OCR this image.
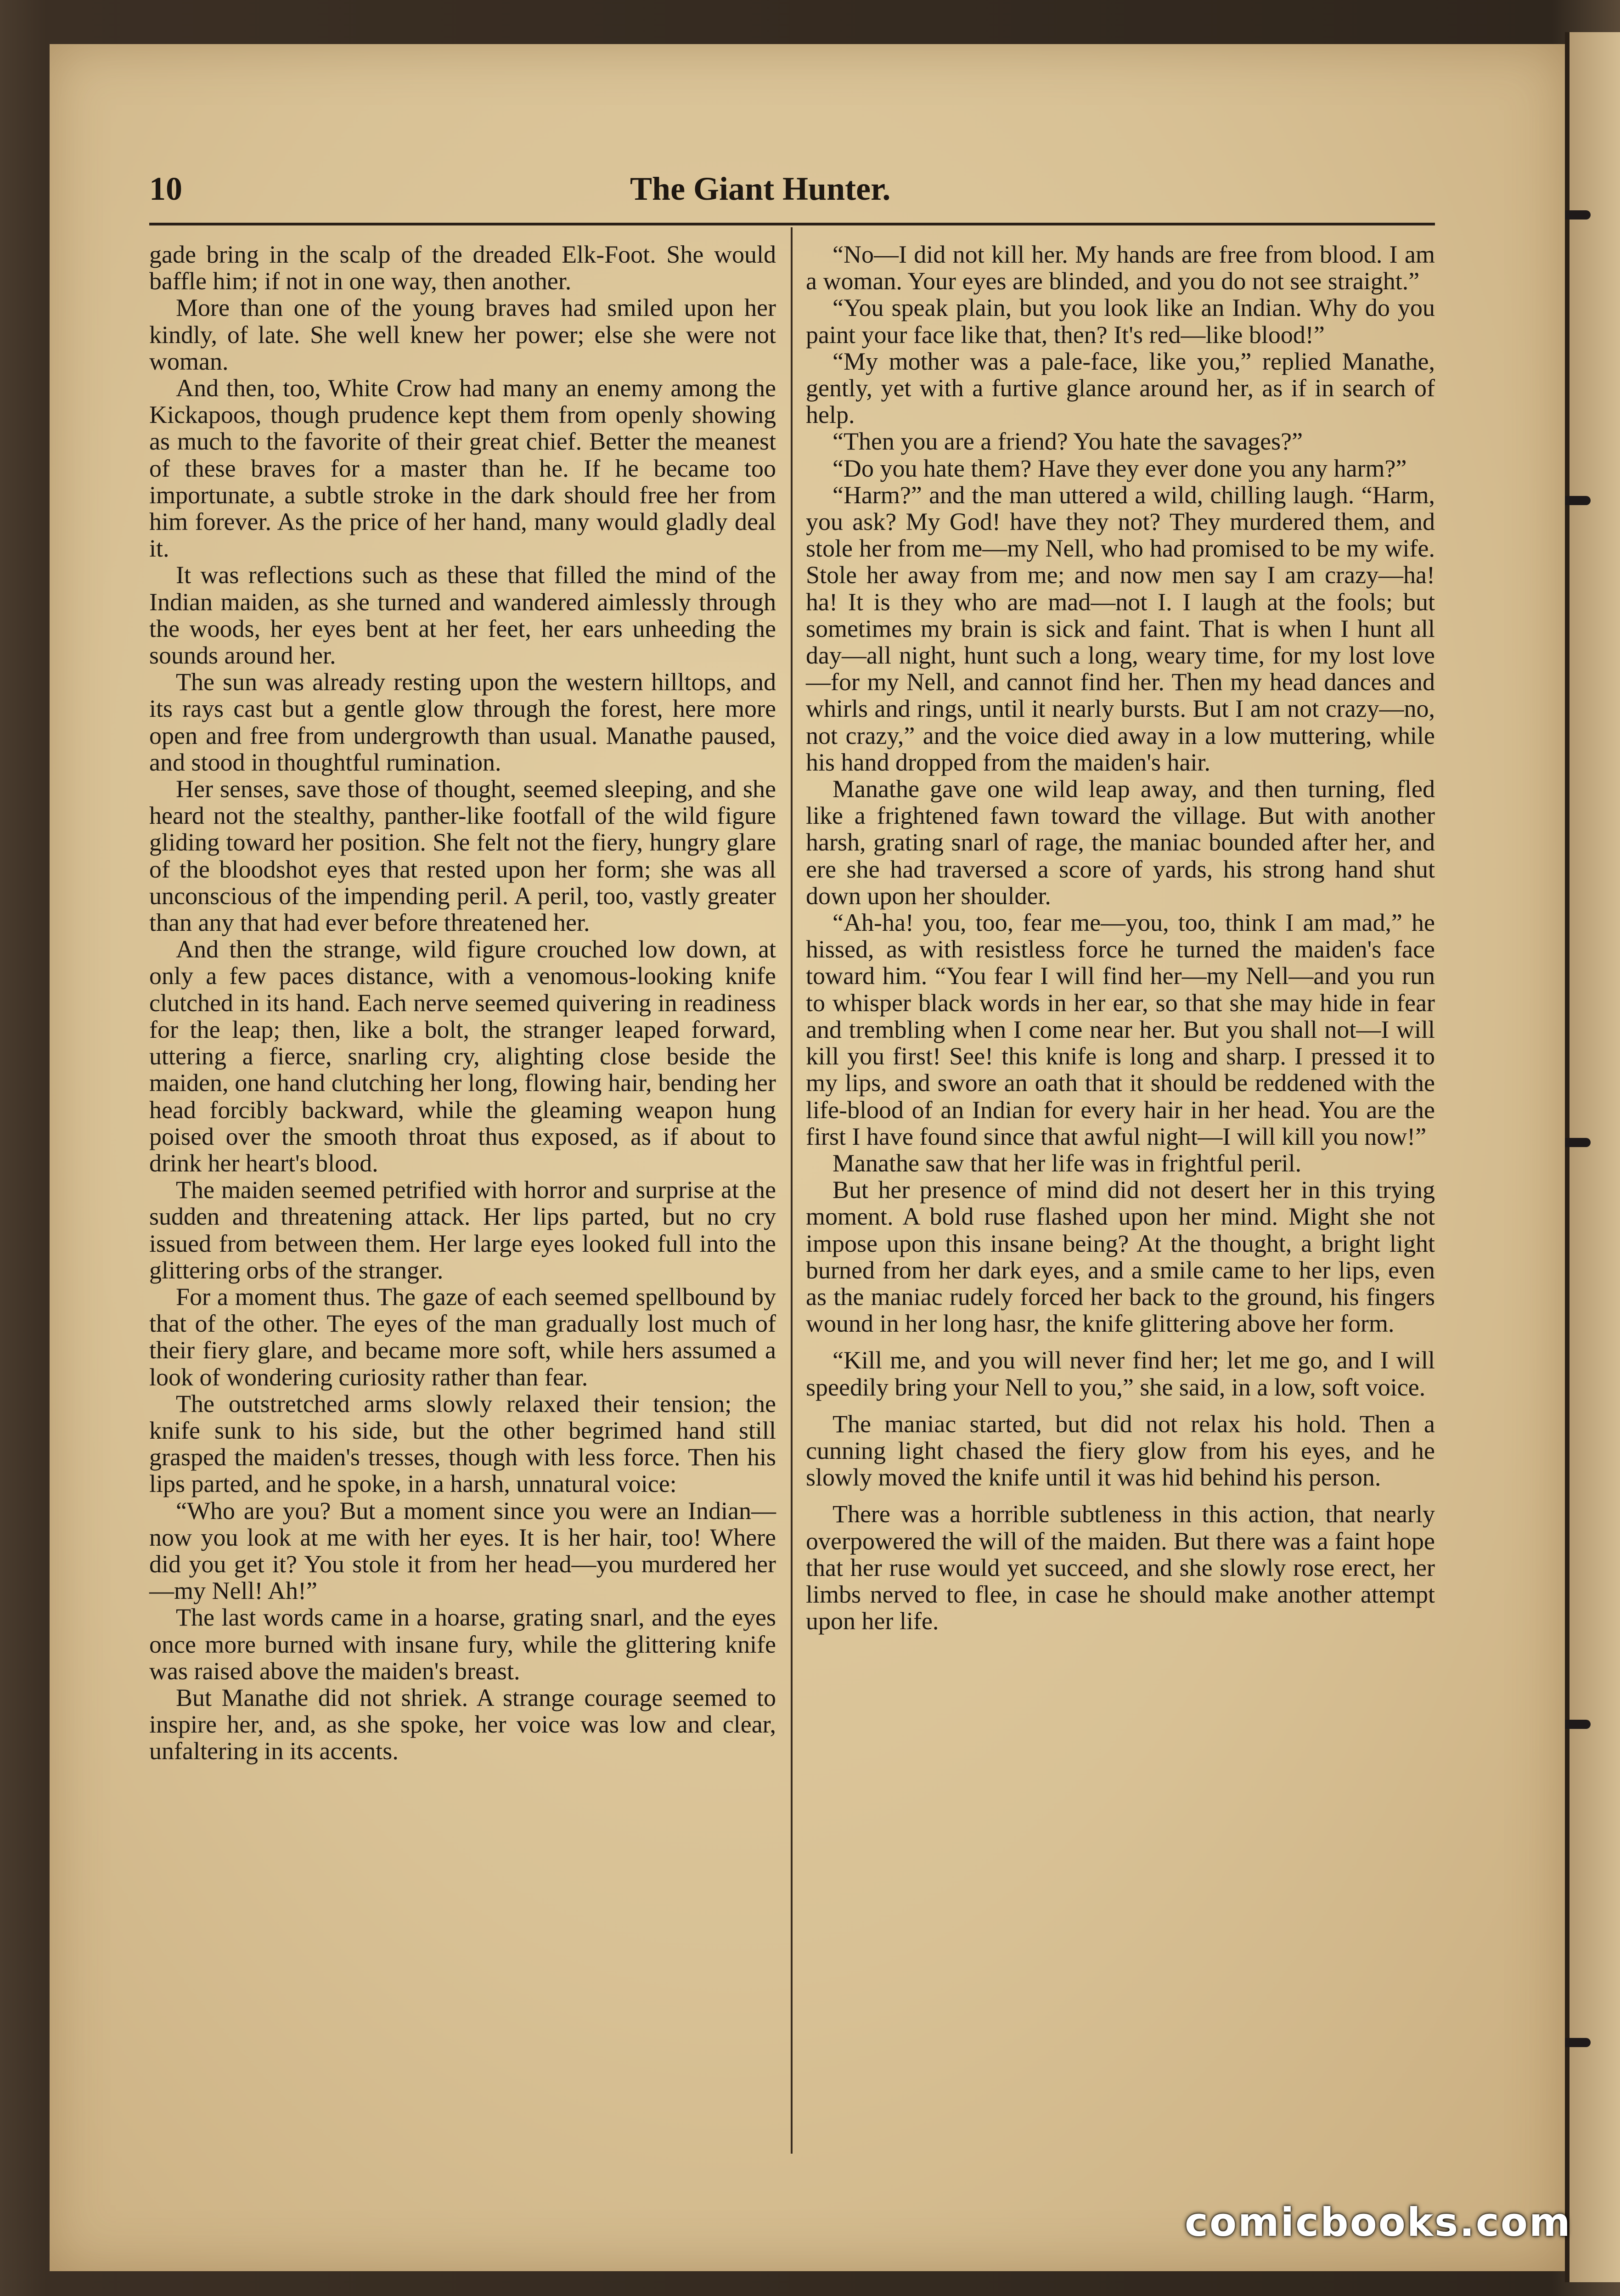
10	The Giant Hunter.

gade bring in the scalp of the dreaded Elk-Foot. She would baffle him; if not in one way, then another.

More than one of the young braves had smiled upon her kindly, of late. She well knew her power; else she were not woman.

And then, too, White Crow had many an enemy among the Kickapoos, though prudence kept them from openly showing as much to the favorite of their great chief. Better the meanest of these braves for a master than he. If he became too importunate, a subtle stroke in the dark should free her from him forever. As the price of her hand, many would gladly deal it.

It was reflections such as these that filled the mind of the Indian maiden, as she turned and wandered aimlessly through the woods, her eyes bent at her feet, her ears unheeding the sounds around her.

The sun was already resting upon the western hilltops, and its rays cast but a gentle glow through the forest, here more open and free from undergrowth than usual. Manathe paused, and stood in thoughtful rumination.

Her senses, save those of thought, seemed sleeping, and she heard not the stealthy, panther-like footfall of the wild figure gliding toward her position. She felt not the fiery, hungry glare of the bloodshot eyes that rested upon her form; she was all unconscious of the impending peril. A peril, too, vastly greater than any that had ever before threatened her.

And then the strange, wild figure crouched low down, at only a few paces distance, with a venomous-looking knife clutched in its hand. Each nerve seemed quivering in readiness for the leap; then, like a bolt, the stranger leaped forward, uttering a fierce, snarling cry, alighting close beside the maiden, one hand clutching her long, flowing hair, bending her head forcibly backward, while the gleaming weapon hung poised over the smooth throat thus exposed, as if about to drink her heart's blood.

The maiden seemed petrified with horror and surprise at the sudden and threatening attack. Her lips parted, but no cry issued from between them. Her large eyes looked full into the glittering orbs of the stranger.

For a moment thus. The gaze of each seemed spellbound by that of the other. The eyes of the man gradually lost much of their fiery glare, and became more soft, while hers assumed a look of wondering curiosity rather than fear.

The outstretched arms slowly relaxed their tension; the knife sunk to his side, but the other begrimed hand still grasped the maiden's tresses, though with less force. Then his lips parted, and he spoke, in a harsh, unnatural voice:

“Who are you? But a moment since you were an Indian—now you look at me with her eyes. It is her hair, too! Where did you get it? You stole it from her head—you murdered her—my Nell! Ah!”

The last words came in a hoarse, grating snarl, and the eyes once more burned with insane fury, while the glittering knife was raised above the maiden's breast.

But Manathe did not shriek. A strange courage seemed to inspire her, and, as she spoke, her voice was low and clear, unfaltering in its accents.

“No—I did not kill her. My hands are free from blood. I am a woman. Your eyes are blinded, and you do not see straight.”

“You speak plain, but you look like an Indian. Why do you paint your face like that, then? It's red—like blood!”

“My mother was a pale-face, like you,” replied Manathe, gently, yet with a furtive glance around her, as if in search of help.

“Then you are a friend? You hate the savages?”

“Do you hate them? Have they ever done you any harm?”

“Harm?” and the man uttered a wild, chilling laugh. “Harm, you ask? My God! have they not? They murdered them, and stole her from me—my Nell, who had promised to be my wife. Stole her away from me; and now men say I am crazy—ha! ha! It is they who are mad—not I. I laugh at the fools; but sometimes my brain is sick and faint. That is when I hunt all day—all night, hunt such a long, weary time, for my lost love—for my Nell, and cannot find her. Then my head dances and whirls and rings, until it nearly bursts. But I am not crazy—no, not crazy,” and the voice died away in a low muttering, while his hand dropped from the maiden's hair.

Manathe gave one wild leap away, and then turning, fled like a frightened fawn toward the village. But with another harsh, grating snarl of rage, the maniac bounded after her, and ere she had traversed a score of yards, his strong hand shut down upon her shoulder.

“Ah-ha! you, too, fear me—you, too, think I am mad,” he hissed, as with resistless force he turned the maiden's face toward him. “You fear I will find her—my Nell—and you run to whisper black words in her ear, so that she may hide in fear and trembling when I come near her. But you shall not—I will kill you first! See! this knife is long and sharp. I pressed it to my lips, and swore an oath that it should be reddened with the life-blood of an Indian for every hair in her head. You are the first I have found since that awful night—I will kill you now!”

Manathe saw that her life was in frightful peril.

But her presence of mind did not desert her in this trying moment. A bold ruse flashed upon her mind. Might she not impose upon this insane being? At the thought, a bright light burned from her dark eyes, and a smile came to her lips, even as the maniac rudely forced her back to the ground, his fingers wound in her long hasr, the knife glittering above her form.

“Kill me, and you will never find her; let me go, and I will speedily bring your Nell to you,” she said, in a low, soft voice.

The maniac started, but did not relax his hold. Then a cunning light chased the fiery glow from his eyes, and he slowly moved the knife until it was hid behind his person.

There was a horrible subtleness in this action, that nearly overpowered the will of the maiden. But there was a faint hope that her ruse would yet succeed, and she slowly rose erect, her limbs nerved to flee, in case he should make another attempt upon her life.

comicbooks.com
